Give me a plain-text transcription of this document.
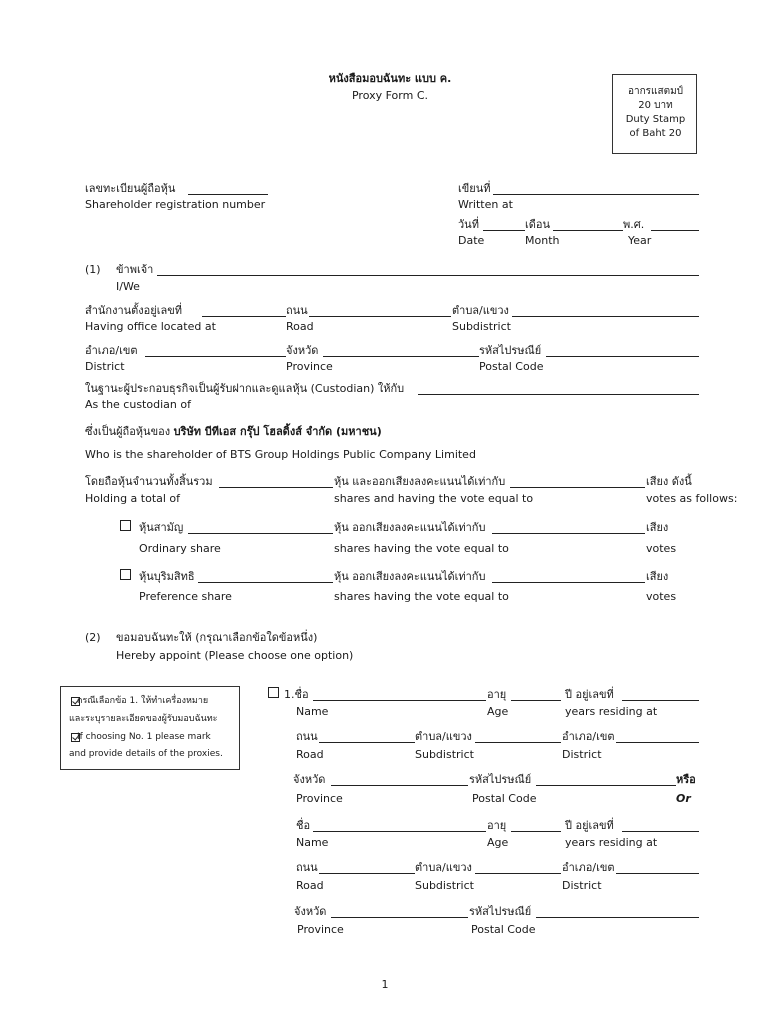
หนังสือมอบฉันทะ แบบ ค.
Proxy Form C.	อากรแสตมป์
20 บาท
Duty Stamp
of Baht 20
เลขทะเบียนผู้ถือหุ้น
Shareholder registration number
เขียนที่
Written at
วันที่	เดือน	พ.ศ.
Date	Month	Year
(1) ข้าพเจ้า
I/We
สำนักงานตั้งอยู่เลขที่	ถนน	ตำบล/แขวง
Having office located at	Road	Subdistrict
อำเภอ/เขต	จังหวัด	รหัสไปรษณีย์
District	Province	Postal Code
ในฐานะผู้ประกอบธุรกิจเป็นผู้รับฝากและดูแลหุ้น (Custodian) ให้กับ
As the custodian of
ซึ่งเป็นผู้ถือหุ้นของ บริษัท บีทีเอส กรุ๊ป โฮลดิ้งส์ จำกัด (มหาชน)
Who is the shareholder of BTS Group Holdings Public Company Limited
โดยถือหุ้นจำนวนทั้งสิ้นรวม	หุ้น และออกเสียงลงคะแนนได้เท่ากับ	เสียง ดังนี้
Holding a total of	shares and having the vote equal to	votes as follows:
หุ้นสามัญ	หุ้น ออกเสียงลงคะแนนได้เท่ากับ	เสียง
Ordinary share	shares having the vote equal to	votes
หุ้นบุริมสิทธิ	หุ้น ออกเสียงลงคะแนนได้เท่ากับ	เสียง
Preference share	shares having the vote equal to	votes
(2) ขอมอบฉันทะให้ (กรุณาเลือกข้อใดข้อหนึ่ง)
Hereby appoint (Please choose one option)
กรณีเลือกข้อ 1. ให้ทำเครื่องหมาย
และระบุรายละเอียดของผู้รับมอบฉันทะ
If choosing No. 1 please mark
and provide details of the proxies.
1.ชื่อ	อายุ	ปี อยู่เลขที่
Name	Age	years residing at
ถนน	ตำบล/แขวง	อำเภอ/เขต
Road	Subdistrict	District
จังหวัด	รหัสไปรษณีย์	หรือ
Province	Postal Code	Or
ชื่อ	อายุ	ปี อยู่เลขที่
Name	Age	years residing at
ถนน	ตำบล/แขวง	อำเภอ/เขต
Road	Subdistrict	District
จังหวัด	รหัสไปรษณีย์
Province	Postal Code
1
